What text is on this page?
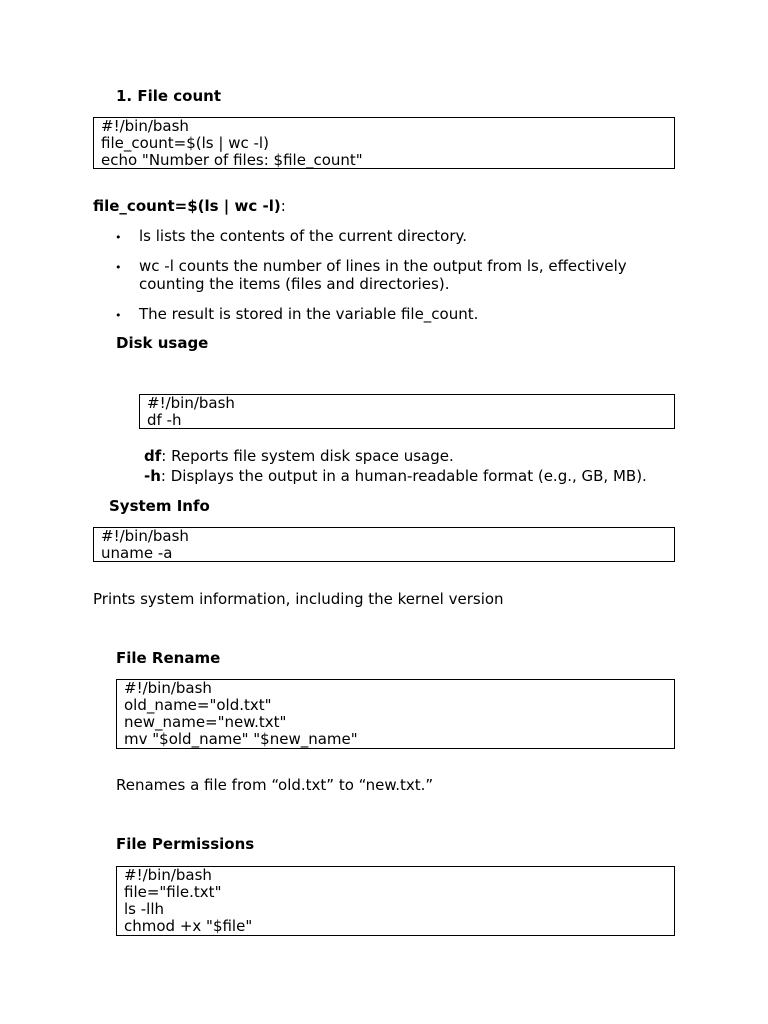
1. File count
#!/bin/bash
file_count=$(ls | wc -l)
echo "Number of files: $file_count"
file_count=$(ls | wc -l):
• ls lists the contents of the current directory.
• wc -l counts the number of lines in the output from ls, effectively
counting the items (files and directories).
• The result is stored in the variable file_count.
Disk usage
#!/bin/bash
df -h
df: Reports file system disk space usage.
-h: Displays the output in a human-readable format (e.g., GB, MB).
System Info
#!/bin/bash
uname -a
Prints system information, including the kernel version
File Rename
#!/bin/bash
old_name="old.txt"
new_name="new.txt"
mv "$old_name" "$new_name"
Renames a file from “old.txt” to “new.txt.”
File Permissions
#!/bin/bash
file="file.txt"
ls -llh
chmod +x "$file"
